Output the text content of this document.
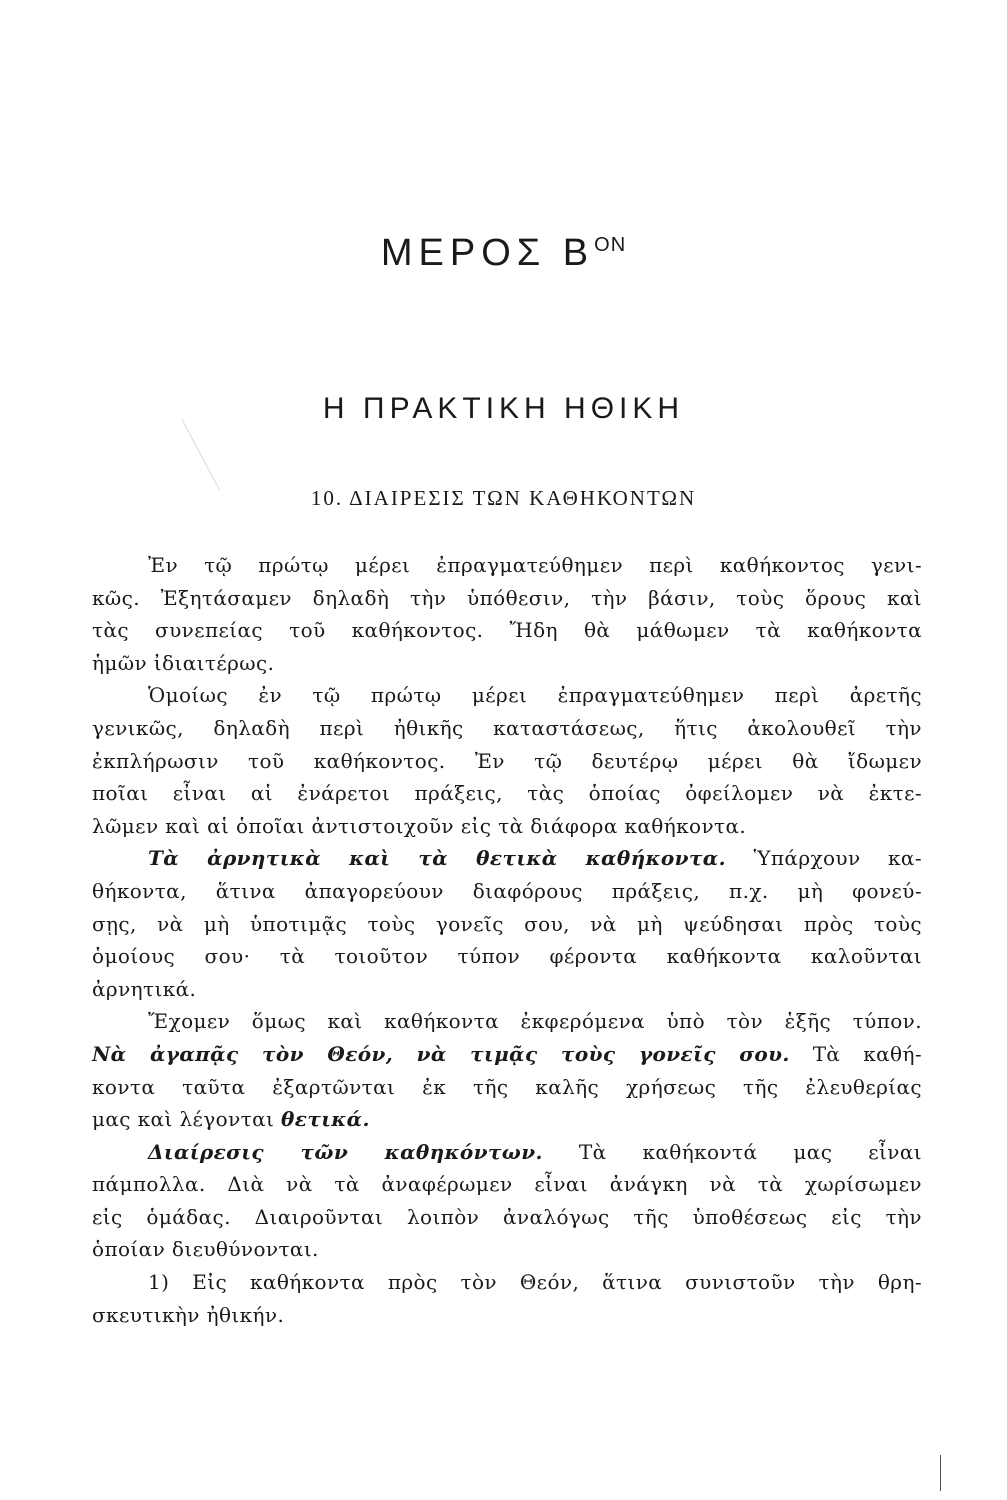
ΜΕΡΟΣ $B^{ON}$
Η ΠΡΑΚΤΙΚΗ ΗΘΙΚΗ
10. ΔΙΑΙΡΕΣΙΣ ΤΩΝ ΚΑΘΗΚΟΝΤΩΝ

Ἐν τῷ πρώτῳ μέρει ἐπραγματεύθημεν περὶ καθήκοντος γενι-
κῶς. Ἐξητάσαμεν δηλαδὴ τὴν ὑπόθεσιν, τὴν βάσιν, τοὺς ὅρους καὶ
τὰς συνεπείας τοῦ καθήκοντος. Ἤδη θὰ μάθωμεν τὰ καθήκοντα
ἡμῶν ἰδιαιτέρως.

Ὁμοίως ἐν τῷ πρώτῳ μέρει ἐπραγματεύθημεν περὶ ἀρετῆς
γενικῶς, δηλαδὴ περὶ ἠθικῆς καταστάσεως, ἥτις ἀκολουθεῖ τὴν
ἐκπλήρωσιν τοῦ καθήκοντος. Ἐν τῷ δευτέρῳ μέρει θὰ ἴδωμεν
ποῖαι εἶναι αἱ ἐνάρετοι πράξεις, τὰς ὁποίας ὀφείλομεν νὰ ἐκτε-
λῶμεν καὶ αἱ ὁποῖαι ἀντιστοιχοῦν εἰς τὰ διάφορα καθήκοντα.

Τὰ ἀρνητικὰ καὶ τὰ θετικὰ καθήκοντα. Ὑπάρχουν κα-
θήκοντα, ἅτινα ἀπαγορεύουν διαφόρους πράξεις, π.χ. μὴ φονεύ-
σῃς, νὰ μὴ ὑποτιμᾷς τοὺς γονεῖς σου, νὰ μὴ ψεύδησαι πρὸς τοὺς
ὁμοίους σου· τὰ τοιοῦτον τύπον φέροντα καθήκοντα καλοῦνται
ἀρνητικά.

Ἔχομεν ὅμως καὶ καθήκοντα ἐκφερόμενα ὑπὸ τὸν ἑξῆς τύπον.
Νὰ ἀγαπᾷς τὸν Θεόν, νὰ τιμᾷς τοὺς γονεῖς σου. Τὰ καθή-
κοντα ταῦτα ἐξαρτῶνται ἐκ τῆς καλῆς χρήσεως τῆς ἐλευθερίας
μας καὶ λέγονται θετικά.

Διαίρεσις τῶν καθηκόντων. Τὰ καθήκοντά μας εἶναι
πάμπολλα. Διὰ νὰ τὰ ἀναφέρωμεν εἶναι ἀνάγκη νὰ τὰ χωρίσωμεν
εἰς ὁμάδας. Διαιροῦνται λοιπὸν ἀναλόγως τῆς ὑποθέσεως εἰς τὴν
ὁποίαν διευθύνονται.

1) Εἰς καθήκοντα πρὸς τὸν Θεόν, ἅτινα συνιστοῦν τὴν θρη-
σκευτικὴν ἠθικήν.
